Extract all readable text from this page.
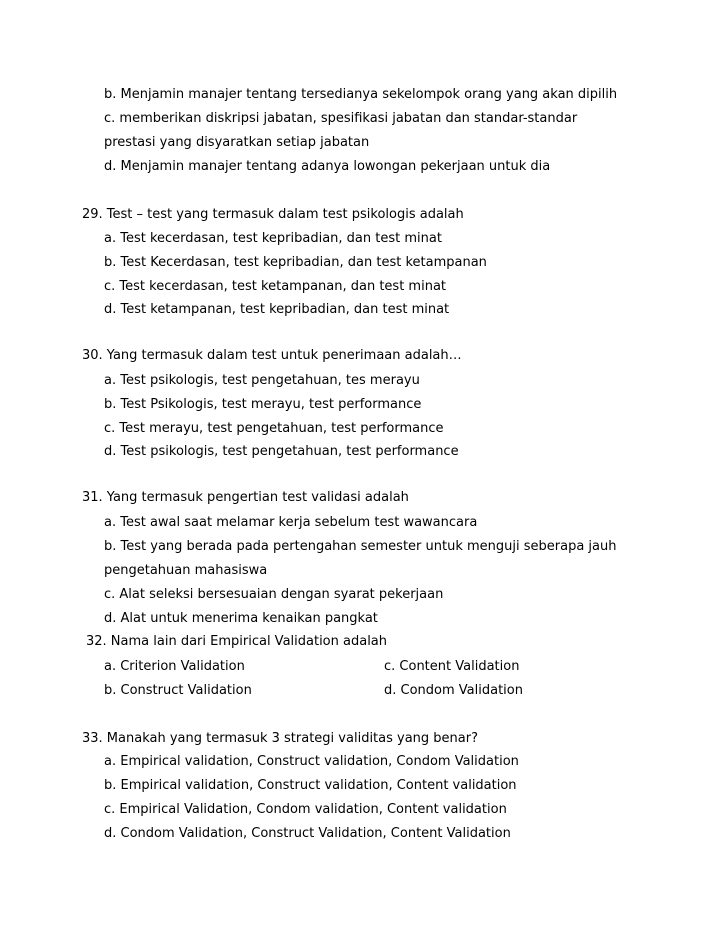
b. Menjamin manajer tentang tersedianya sekelompok orang yang akan dipilih
c. memberikan diskripsi jabatan, spesifikasi jabatan dan standar-standar
prestasi yang disyaratkan setiap jabatan
d. Menjamin manajer tentang adanya lowongan pekerjaan untuk dia
29. Test – test yang termasuk dalam test psikologis adalah
a. Test kecerdasan, test kepribadian, dan test minat
b. Test Kecerdasan, test kepribadian, dan test ketampanan
c. Test kecerdasan, test ketampanan, dan test minat
d. Test ketampanan, test kepribadian, dan test minat
30. Yang termasuk dalam test untuk penerimaan adalah…
a. Test psikologis, test pengetahuan, tes merayu
b. Test Psikologis, test merayu, test performance
c. Test merayu, test pengetahuan, test performance
d. Test psikologis, test pengetahuan, test performance
31. Yang termasuk pengertian test validasi adalah
a. Test awal saat melamar kerja sebelum test wawancara
b. Test yang berada pada pertengahan semester untuk menguji seberapa jauh
pengetahuan mahasiswa
c. Alat seleksi bersesuaian dengan syarat pekerjaan
d. Alat untuk menerima kenaikan pangkat
32. Nama lain dari Empirical Validation adalah
a. Criterion Validation	c. Content Validation
b. Construct Validation	d. Condom Validation
33. Manakah yang termasuk 3 strategi validitas yang benar?
a. Empirical validation, Construct validation, Condom Validation
b. Empirical validation, Construct validation, Content validation
c. Empirical Validation, Condom validation, Content validation
d. Condom Validation, Construct Validation, Content Validation
